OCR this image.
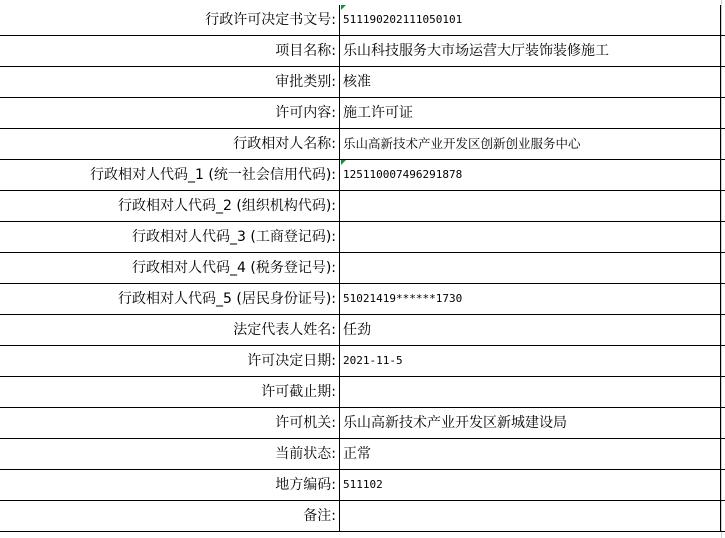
行政许可决定书文号: 511190202111050101
项目名称: 乐山科技服务大市场运营大厅装饰装修施工
审批类别: 核准
许可内容: 施工许可证
行政相对人名称: 乐山高新技术产业开发区创新创业服务中心
行政相对人代码_1 (统一社会信用代码): 125110007496291878
行政相对人代码_2 (组织机构代码):
行政相对人代码_3 (工商登记码):
行政相对人代码_4 (税务登记号):
行政相对人代码_5 (居民身份证号): 51021419******1730
法定代表人姓名: 任劲
许可决定日期: 2021-11-5
许可截止期:
许可机关: 乐山高新技术产业开发区新城建设局
当前状态: 正常
地方编码: 511102
备注:
